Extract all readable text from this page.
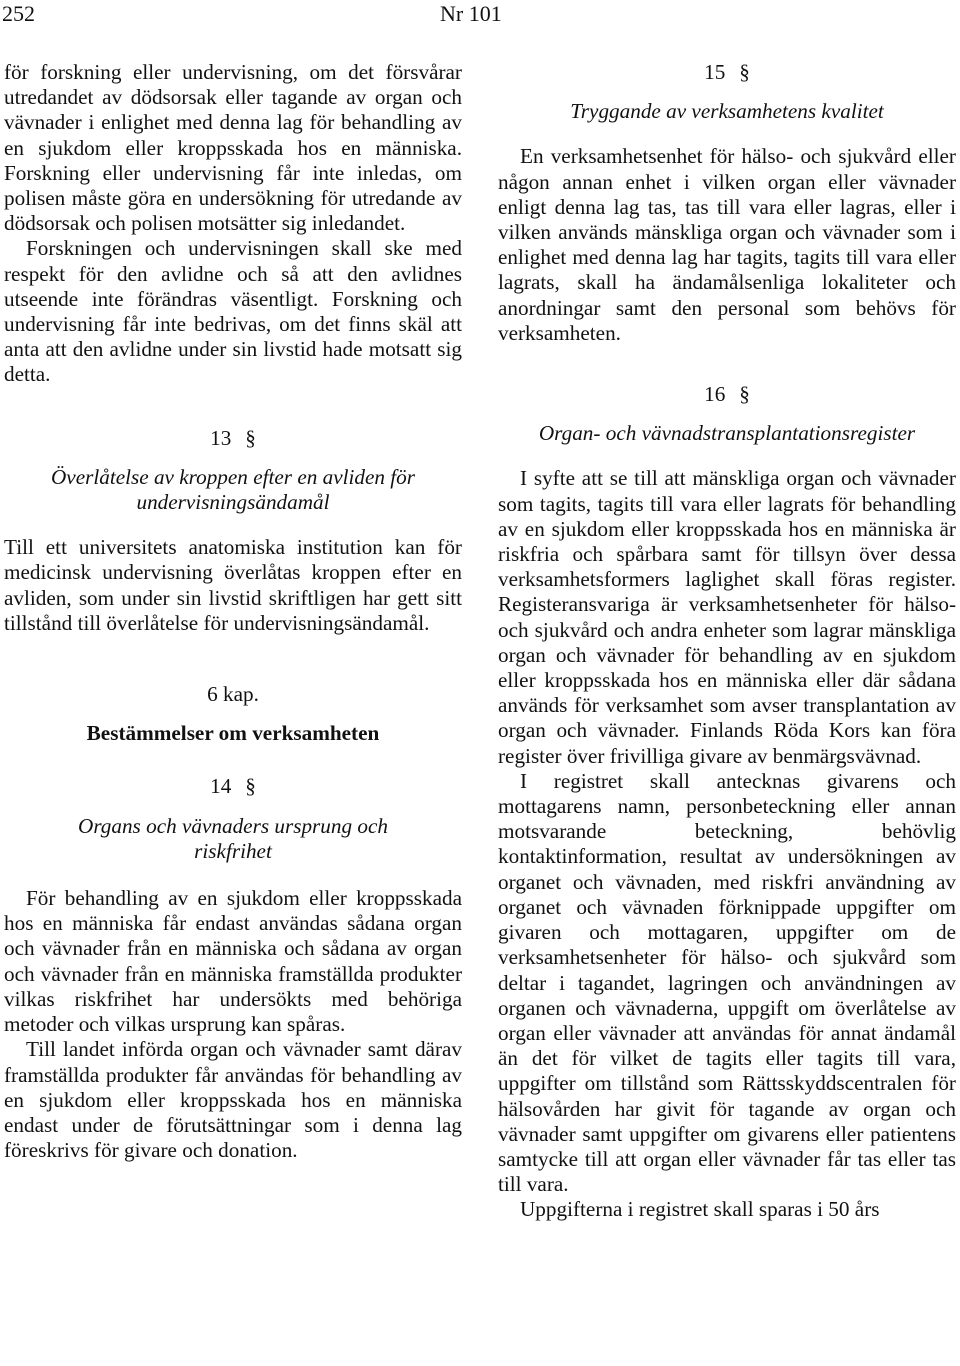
252	Nr 101

för forskning eller undervisning, om det försvårar utredandet av dödsorsak eller tagande av organ och vävnader i enlighet med denna lag för behandling av en sjukdom eller kroppsskada hos en människa. Forskning eller undervisning får inte inledas, om polisen måste göra en undersökning för utredande av dödsorsak och polisen motsätter sig inledandet.

Forskningen och undervisningen skall ske med respekt för den avlidne och så att den avlidnes utseende inte förändras väsentligt. Forskning och undervisning får inte bedrivas, om det finns skäl att anta att den avlidne under sin livstid hade motsatt sig detta.

13 §
Överlåtelse av kroppen efter en avliden för undervisningsändamål

Till ett universitets anatomiska institution kan för medicinsk undervisning överlåtas kroppen efter en avliden, som under sin livstid skriftligen har gett sitt tillstånd till överlåtelse för undervisningsändamål.

6 kap.
Bestämmelser om verksamheten
14 §
Organs och vävnaders ursprung och riskfrihet

För behandling av en sjukdom eller kroppsskada hos en människa får endast användas sådana organ och vävnader från en människa och sådana av organ och vävnader från en människa framställda produkter vilkas riskfrihet har undersökts med behöriga metoder och vilkas ursprung kan spåras.

Till landet införda organ och vävnader samt därav framställda produkter får användas för behandling av en sjukdom eller kroppsskada hos en människa endast under de förutsättningar som i denna lag föreskrivs för givare och donation.

15 §
Tryggande av verksamhetens kvalitet

En verksamhetsenhet för hälso- och sjukvård eller någon annan enhet i vilken organ eller vävnader enligt denna lag tas, tas till vara eller lagras, eller i vilken används mänskliga organ och vävnader som i enlighet med denna lag har tagits, tagits till vara eller lagrats, skall ha ändamålsenliga lokaliteter och anordningar samt den personal som behövs för verksamheten.

16 §
Organ- och vävnadstransplantationsregister

I syfte att se till att mänskliga organ och vävnader som tagits, tagits till vara eller lagrats för behandling av en sjukdom eller kroppsskada hos en människa är riskfria och spårbara samt för tillsyn över dessa verksamhetsformers laglighet skall föras register. Registeransvariga är verksamhetsenheter för hälso- och sjukvård och andra enheter som lagrar mänskliga organ och vävnader för behandling av en sjukdom eller kroppsskada hos en människa eller där sådana används för verksamhet som avser transplantation av organ och vävnader. Finlands Röda Kors kan föra register över frivilliga givare av benmärgsvävnad.

I registret skall antecknas givarens och mottagarens namn, personbeteckning eller annan motsvarande beteckning, behövlig kontaktinformation, resultat av undersökningen av organet och vävnaden, med riskfri användning av organet och vävnaden förknippade uppgifter om givaren och mottagaren, uppgifter om de verksamhetsenheter för hälso- och sjukvård som deltar i tagandet, lagringen och användningen av organen och vävnaderna, uppgift om överlåtelse av organ eller vävnader att användas för annat ändamål än det för vilket de tagits eller tagits till vara, uppgifter om tillstånd som Rättsskyddscentralen för hälsovården har givit för tagande av organ och vävnader samt uppgifter om givarens eller patientens samtycke till att organ eller vävnader får tas eller tas till vara.

Uppgifterna i registret skall sparas i 50 års
